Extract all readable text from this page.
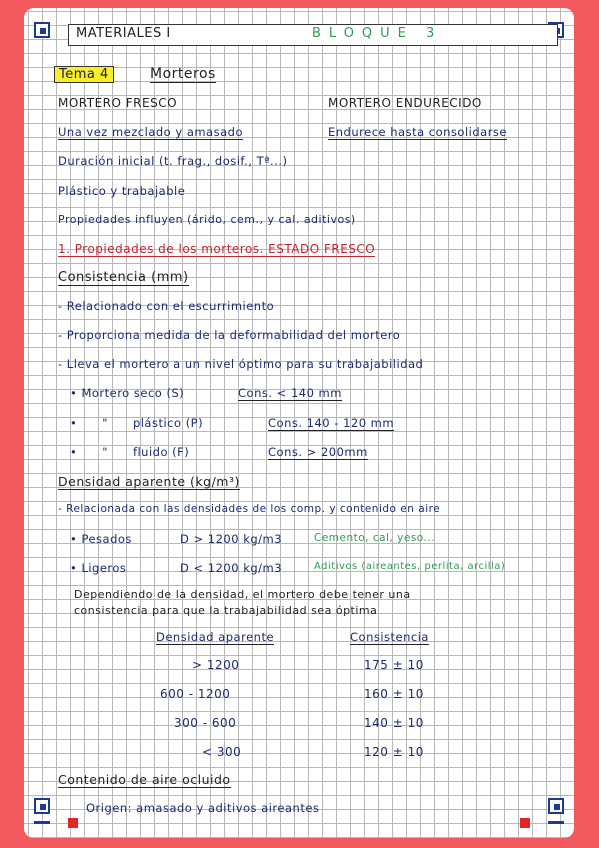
MATERIALES I	BLOQUE 3
Tema 4	Morteros
MORTERO FRESCO	MORTERO ENDURECIDO
Una vez mezclado y amasado	Endurece hasta consolidarse
Duración inicial (t. frag., dosif., Tª...)
Plástico y trabajable
Propiedades influyen (árido, cem., y cal. aditivos)
1. Propiedades de los morteros. ESTADO FRESCO
Consistencia (mm)
- Relacionado con el escurrimiento
- Proporciona medida de la deformabilidad del mortero
- Lleva el mortero a un nivel óptimo para su trabajabilidad
• Mortero seco (S)	Cons. < 140 mm
•      "      plástico (P)	Cons. 140 - 120 mm
•      "      fluido (F)	Cons. > 200mm
Densidad aparente (kg/m³)
- Relacionada con las densidades de los comp. y contenido en aire
• Pesados	D > 1200 kg/m3	Cemento, cal, yeso...
• Ligeros	D < 1200 kg/m3	Aditivos (aireantes, perlita, arcilla)
Dependiendo de la densidad, el mortero debe tener una
consistencia para que la trabajabilidad sea óptima
Densidad aparente	Consistencia
> 1200	175 ± 10
600 - 1200	160 ± 10
300 - 600	140 ± 10
< 300	120 ± 10
Contenido de aire ocluido
Origen: amasado y aditivos aireantes
